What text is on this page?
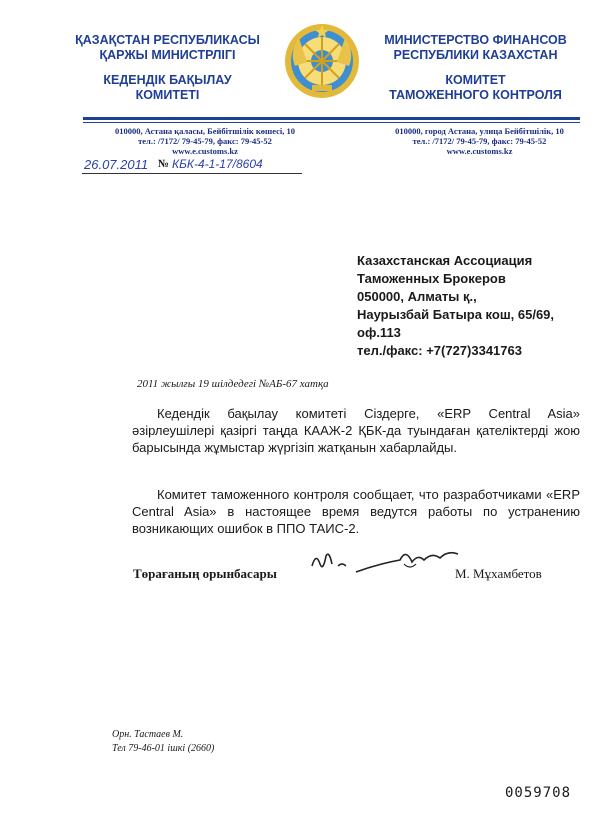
ҚАЗАҚСТАН РЕСПУБЛИКАСЫ
ҚАРЖЫ МИНИСТРЛІГІ
КЕДЕНДІК БАҚЫЛАУ
КОМИТЕТІ
МИНИСТЕРСТВО ФИНАНСОВ
РЕСПУБЛИКИ КАЗАХСТАН
КОМИТЕТ
ТАМОЖЕННОГО КОНТРОЛЯ
010000, Астана қаласы, Бейбітшілік көшесі, 10
тел.: /7172/ 79-45-79, факс: 79-45-52
www.e.customs.kz
010000, город Астана, улица Бейбітшілік, 10
тел.: /7172/ 79-45-79, факс: 79-45-52
www.e.customs.kz
26.07.2011 № КБК-4-1-17/8604
Казахстанская Ассоциация
Таможенных Брокеров
050000, Алматы қ.,
Наурызбай Батыра кош, 65/69,
оф.113
тел./факс: +7(727)3341763
2011 жылғы 19 шілдедегі №АБ-67 хатқа
Кедендік бақылау комитеті Сіздерге, «ERP Central Asia» әзірлеушілері қазіргі таңда КААЖ-2 ҚБК-да туындаған қателіктерді жою барысында жұмыстар жүргізіп жатқанын хабарлайды.
Комитет таможенного контроля сообщает, что разработчиками «ERP Central Asia» в настоящее время ведутся работы по устранению возникающих ошибок в ППО ТАИС-2.
Төрағаның орынбасары	М. Мұхамбетов
Орн. Тастаев М.
Тел 79-46-01 ішкі (2660)
0059708
